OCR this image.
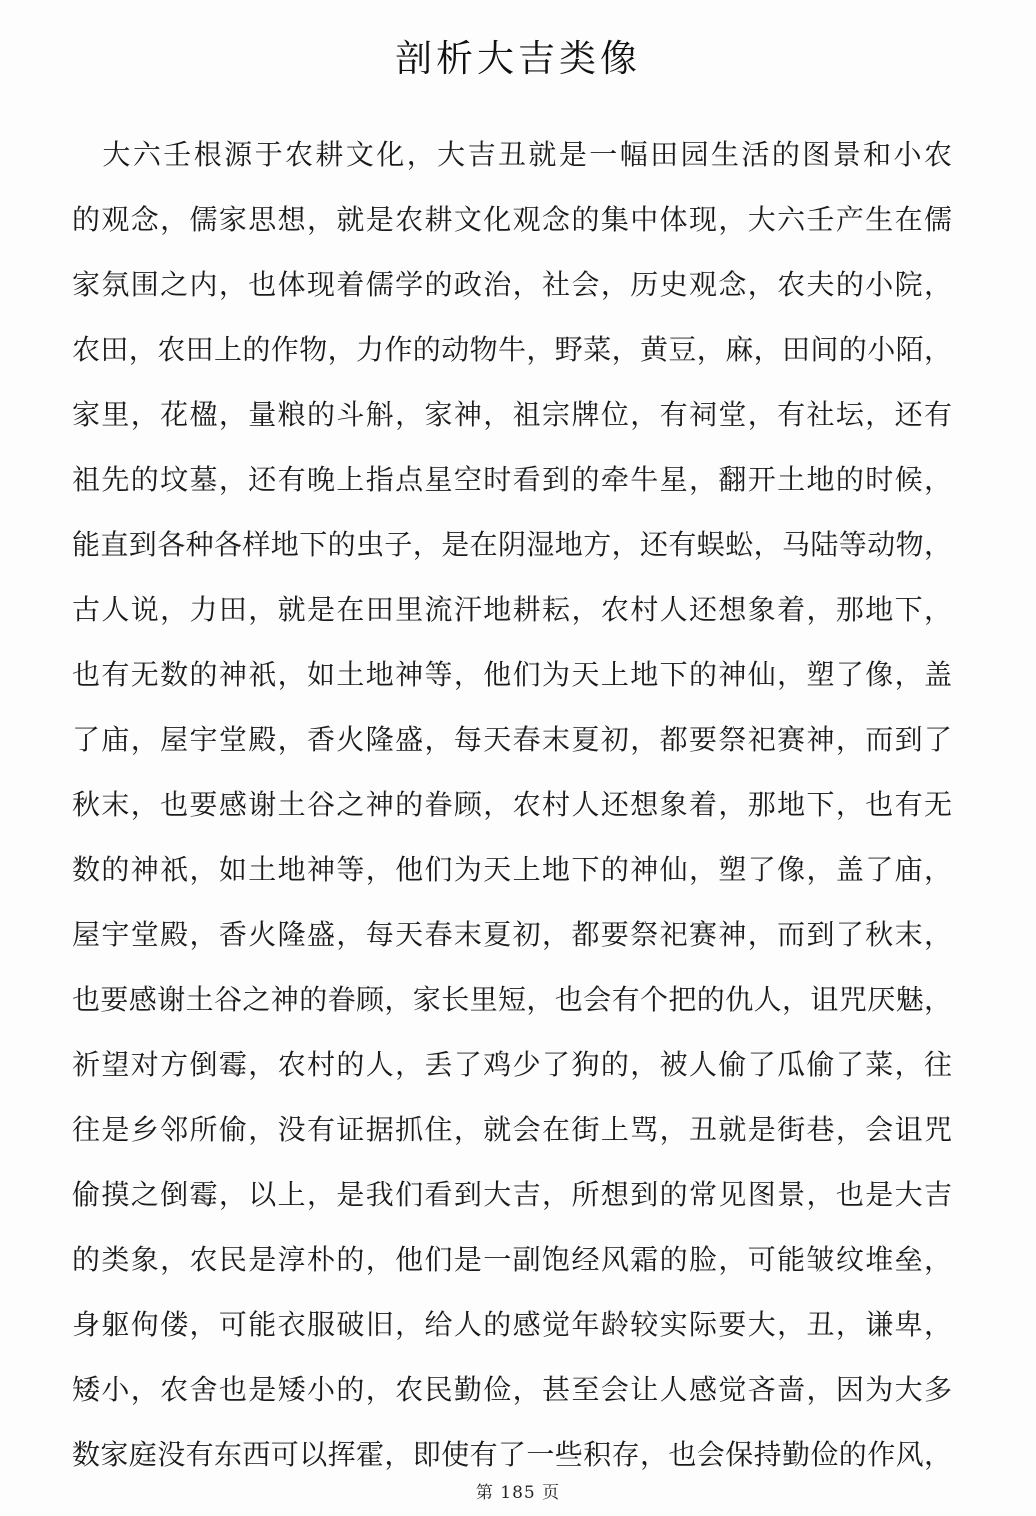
剖析大吉类像
　大六壬根源于农耕文化，大吉丑就是一幅田园生活的图景和小农
的观念，儒家思想，就是农耕文化观念的集中体现，大六壬产生在儒
家氛围之内，也体现着儒学的政治，社会，历史观念，农夫的小院，
农田，农田上的作物，力作的动物牛，野菜，黄豆，麻，田间的小陌，
家里，花楹，量粮的斗斛，家神，祖宗牌位，有祠堂，有社坛，还有
祖先的坟墓，还有晚上指点星空时看到的牵牛星，翻开土地的时候，
能直到各种各样地下的虫子，是在阴湿地方，还有蜈蚣，马陆等动物，
古人说，力田，就是在田里流汗地耕耘，农村人还想象着，那地下，
也有无数的神祇，如土地神等，他们为天上地下的神仙，塑了像，盖
了庙，屋宇堂殿，香火隆盛，每天春末夏初，都要祭祀赛神，而到了
秋末，也要感谢土谷之神的眷顾，农村人还想象着，那地下，也有无
数的神祇，如土地神等，他们为天上地下的神仙，塑了像，盖了庙，
屋宇堂殿，香火隆盛，每天春末夏初，都要祭祀赛神，而到了秋末，
也要感谢土谷之神的眷顾，家长里短，也会有个把的仇人，诅咒厌魅，
祈望对方倒霉，农村的人，丢了鸡少了狗的，被人偷了瓜偷了菜，往
往是乡邻所偷，没有证据抓住，就会在街上骂，丑就是街巷，会诅咒
偷摸之倒霉，以上，是我们看到大吉，所想到的常见图景，也是大吉
的类象，农民是淳朴的，他们是一副饱经风霜的脸，可能皱纹堆垒，
身躯佝偻，可能衣服破旧，给人的感觉年龄较实际要大，丑，谦卑，
矮小，农舍也是矮小的，农民勤俭，甚至会让人感觉吝啬，因为大多
数家庭没有东西可以挥霍，即使有了一些积存，也会保持勤俭的作风，
第 185 页
